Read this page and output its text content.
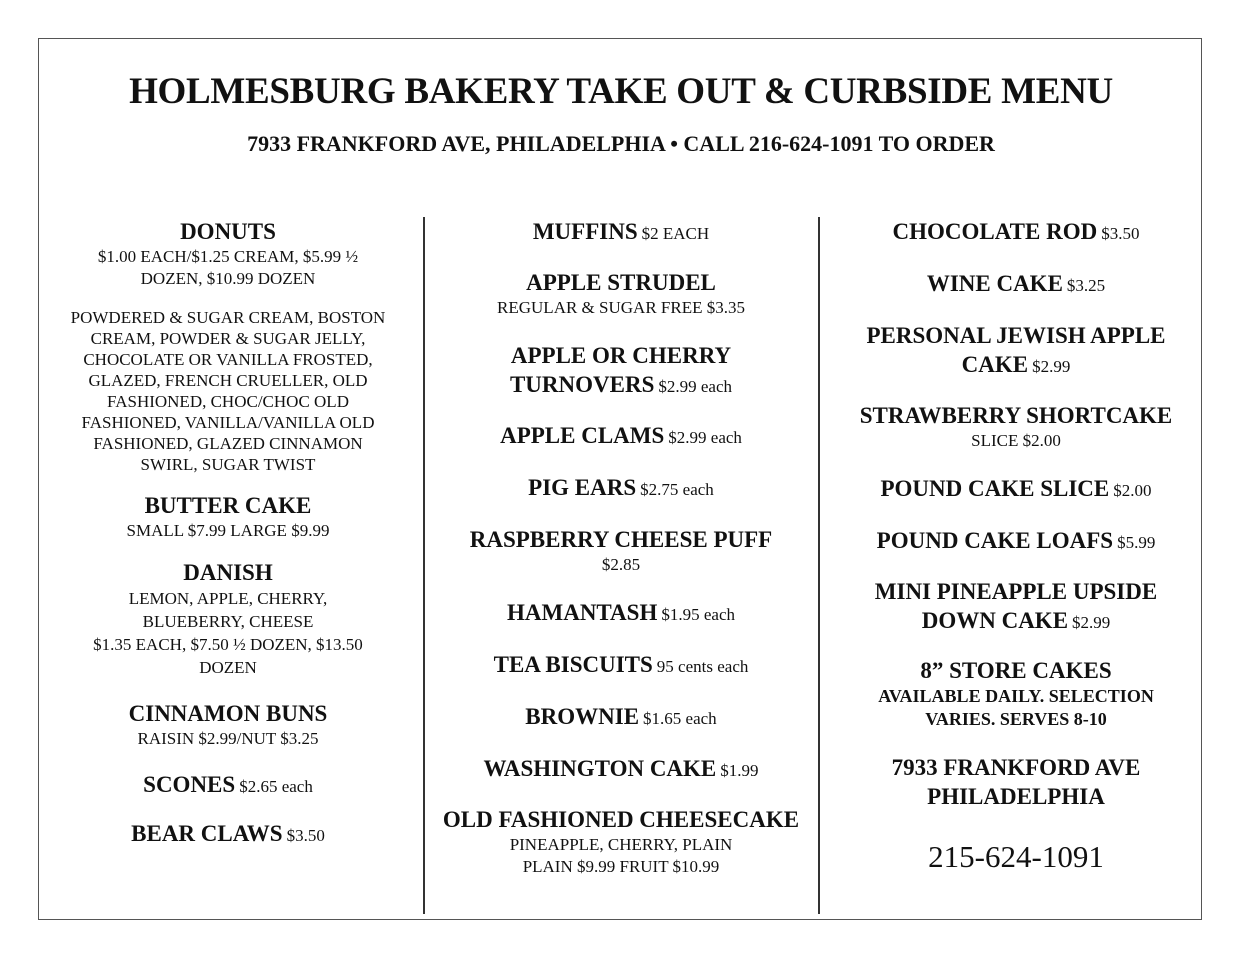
HOLMESBURG BAKERY TAKE OUT & CURBSIDE MENU
7933 FRANKFORD AVE, PHILADELPHIA • CALL 216-624-1091 TO ORDER
DONUTS
$1.00 EACH/$1.25 CREAM, $5.99 ½
DOZEN, $10.99 DOZEN
POWDERED & SUGAR CREAM, BOSTON
CREAM, POWDER & SUGAR JELLY,
CHOCOLATE OR VANILLA FROSTED,
GLAZED, FRENCH CRUELLER, OLD
FASHIONED, CHOC/CHOC OLD
FASHIONED, VANILLA/VANILLA OLD
FASHIONED, GLAZED CINNAMON
SWIRL, SUGAR TWIST
BUTTER CAKE
SMALL $7.99 LARGE $9.99
DANISH
LEMON, APPLE, CHERRY,
BLUEBERRY, CHEESE
$1.35 EACH, $7.50 ½ DOZEN, $13.50
DOZEN
CINNAMON BUNS
RAISIN $2.99/NUT $3.25
SCONES $2.65 each
BEAR CLAWS $3.50
MUFFINS $2 EACH
APPLE STRUDEL
REGULAR & SUGAR FREE $3.35
APPLE OR CHERRY
TURNOVERS $2.99 each
APPLE CLAMS $2.99 each
PIG EARS $2.75 each
RASPBERRY CHEESE PUFF
$2.85
HAMANTASH $1.95 each
TEA BISCUITS 95 cents each
BROWNIE $1.65 each
WASHINGTON CAKE $1.99
OLD FASHIONED CHEESECAKE
PINEAPPLE, CHERRY, PLAIN
PLAIN $9.99 FRUIT $10.99
CHOCOLATE ROD $3.50
WINE CAKE $3.25
PERSONAL JEWISH APPLE
CAKE $2.99
STRAWBERRY SHORTCAKE
SLICE $2.00
POUND CAKE SLICE $2.00
POUND CAKE LOAFS $5.99
MINI PINEAPPLE UPSIDE
DOWN CAKE $2.99
8” STORE CAKES
AVAILABLE DAILY. SELECTION
VARIES. SERVES 8-10
7933 FRANKFORD AVE
PHILADELPHIA
215-624-1091
